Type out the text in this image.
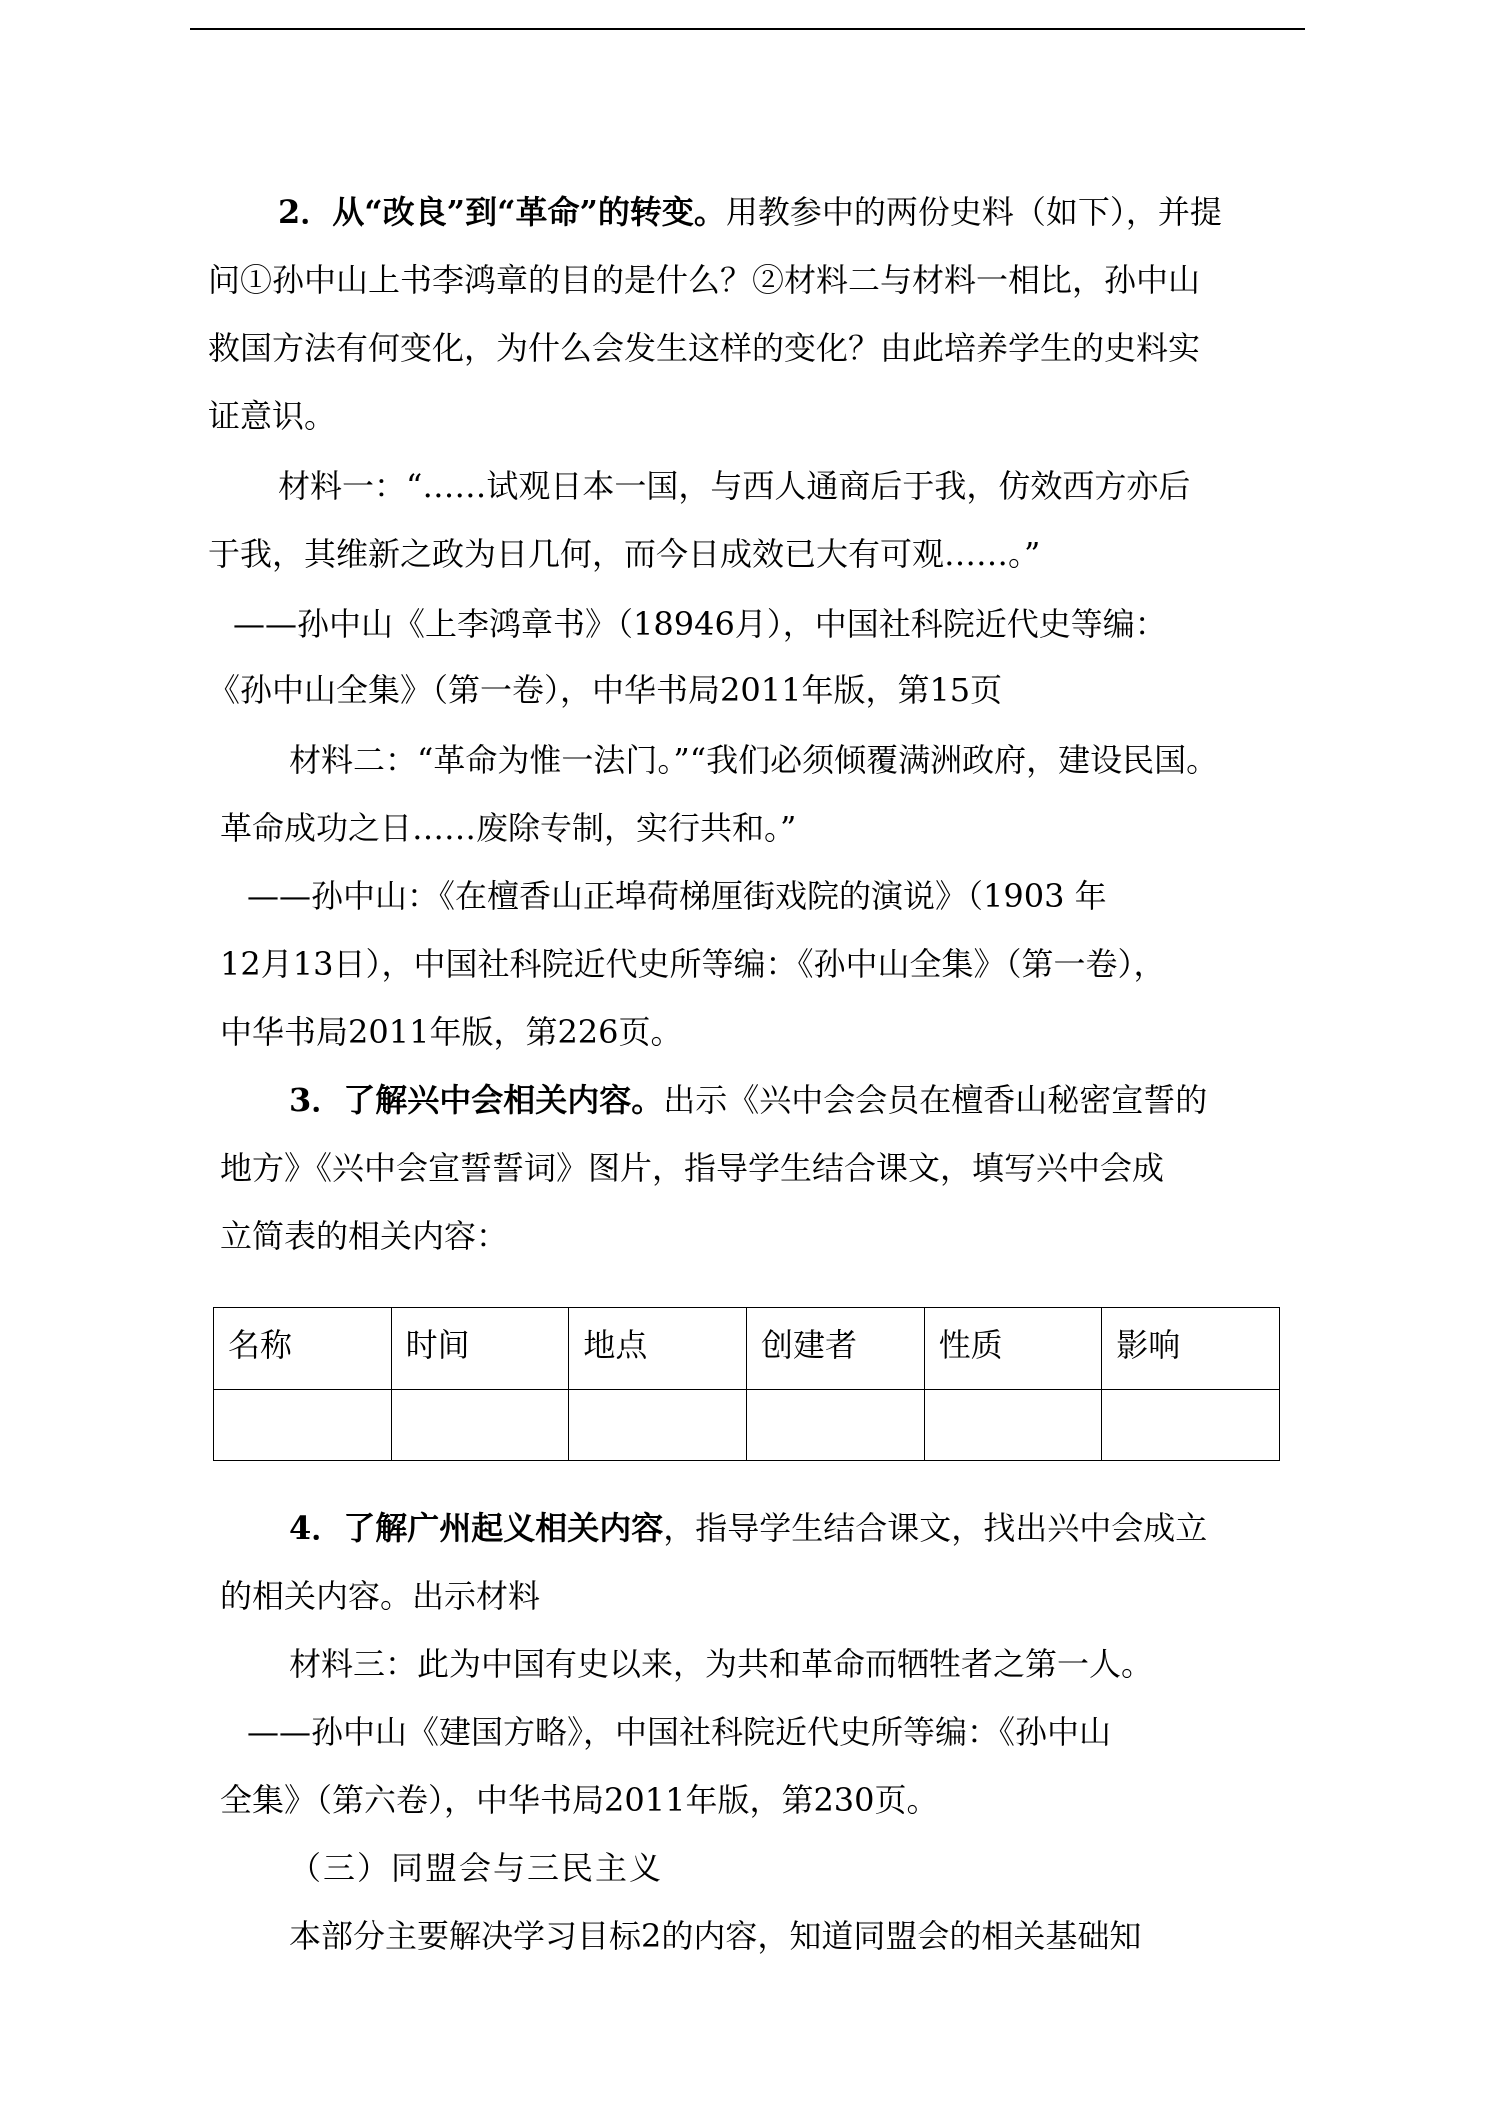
2．从“改良”到“革命”的转变。用教参中的两份史料（如下），并提
问①孙中山上书李鸿章的目的是什么？②材料二与材料一相比，孙中山
救国方法有何变化，为什么会发生这样的变化？由此培养学生的史料实
证意识。
材料一：“……试观日本一国，与西人通商后于我，仿效西方亦后
于我，其维新之政为日几何，而今日成效已大有可观……。”
——孙中山《上李鸿章书》（18946月），中国社科院近代史等编：
《孙中山全集》（第一卷），中华书局2011年版，第15页
材料二：“革命为惟一法门。”“我们必须倾覆满洲政府，建设民国。
革命成功之日……废除专制，实行共和。”
——孙中山：《在檀香山正埠荷梯厘街戏院的演说》（1903 年
12月13日），中国社科院近代史所等编：《孙中山全集》（第一卷），
中华书局2011年版，第226页。
3．了解兴中会相关内容。出示《兴中会会员在檀香山秘密宣誓的
地方》《兴中会宣誓誓词》图片，指导学生结合课文，填写兴中会成
立简表的相关内容：
名称	时间	地点	创建者	性质	影响

4．了解广州起义相关内容，指导学生结合课文，找出兴中会成立
的相关内容。出示材料
材料三：此为中国有史以来，为共和革命而牺牲者之第一人。
——孙中山《建国方略》，中国社科院近代史所等编：《孙中山
全集》（第六卷），中华书局2011年版，第230页。
（三）同盟会与三民主义
本部分主要解决学习目标2的内容，知道同盟会的相关基础知
